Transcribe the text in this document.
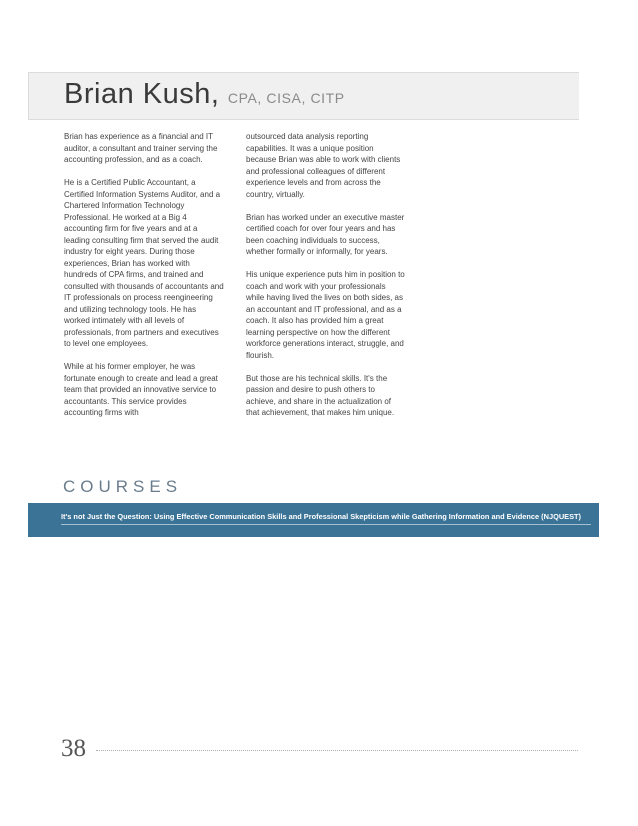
Brian Kush, CPA, CISA, CITP

Brian has experience as a financial and IT auditor, a consultant and trainer serving the accounting profession, and as a coach.

He is a Certified Public Accountant, a Certified Information Systems Auditor, and a Chartered Information Technology Professional. He worked at a Big 4 accounting firm for five years and at a leading consulting firm that served the audit industry for eight years. During those experiences, Brian has worked with hundreds of CPA firms, and trained and consulted with thousands of accountants and IT professionals on process reengineering and utilizing technology tools. He has worked intimately with all levels of professionals, from partners and executives to level one employees.

While at his former employer, he was fortunate enough to create and lead a great team that provided an innovative service to accountants. This service provides accounting firms with

outsourced data analysis reporting capabilities. It was a unique position because Brian was able to work with clients and professional colleagues of different experience levels and from across the country, virtually.

Brian has worked under an executive master certified coach for over four years and has been coaching individuals to success, whether formally or informally, for years.

His unique experience puts him in position to coach and work with your professionals while having lived the lives on both sides, as an accountant and IT professional, and as a coach. It also has provided him a great learning perspective on how the different workforce generations interact, struggle, and flourish.

But those are his technical skills. It's the passion and desire to push others to achieve, and share in the actualization of that achievement, that makes him unique.

COURSES
It's not Just the Question: Using Effective Communication Skills and Professional Skepticism while Gathering Information and Evidence (NJQUEST)
38
